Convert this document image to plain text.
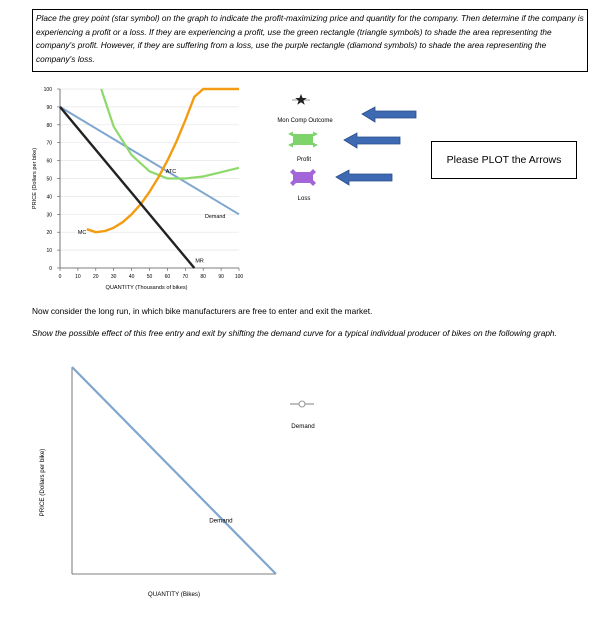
Place the grey point (star symbol) on the graph to indicate the profit-maximizing price and quantity for the company. Then determine if the company is experiencing a profit or a loss. If they are experiencing a profit, use the green rectangle (triangle symbols) to shade the area representing the company's profit. However, if they are suffering from a loss, use the purple rectangle (diamond symbols) to shade the area representing the company's loss.
0
10
20
30
40
50
60
70
80
90
100
0	10 20 30 40 50 60 70 80 90 100
QUANTITY (Thousands of bikes)
PRICE (Dollars per bike)	ATC
MC
Demand
MR
Mon Comp Outcome
Profit
Loss
Please PLOT the Arrows
Now consider the long run, in which bike manufacturers are free to enter and exit the market.
Show the possible effect of this free entry and exit by shifting the demand curve for a typical individual producer of bikes on the following graph.
QUANTITY (Bikes)
PRICE (Dollars per bike)
Demand
Demand
